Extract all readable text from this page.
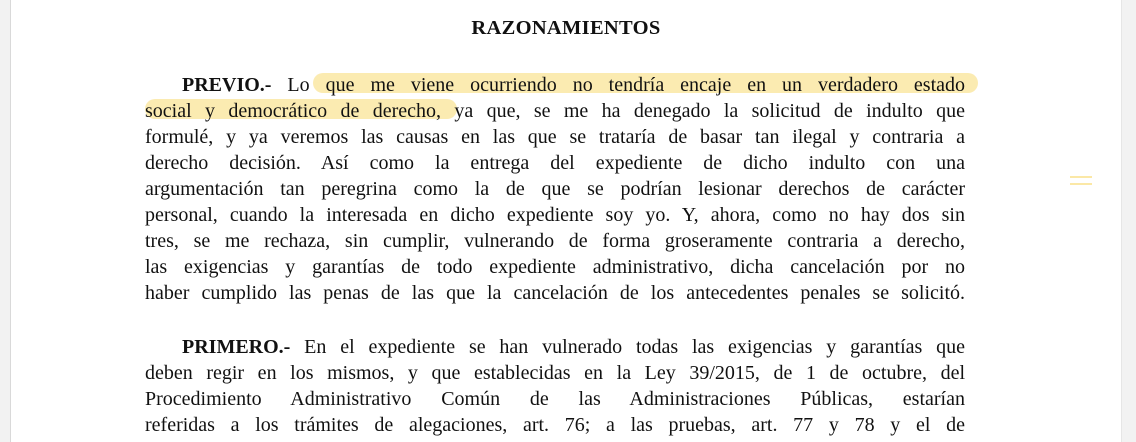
RAZONAMIENTOS
PREVIO.- Lo que me viene ocurriendo no tendría encaje en un verdadero estado
social y democrático de derecho, ya que, se me ha denegado la solicitud de indulto que
formulé, y ya veremos las causas en las que se trataría de basar tan ilegal y contraria a
derecho decisión. Así como la entrega del expediente de dicho indulto con una
argumentación tan peregrina como la de que se podrían lesionar derechos de carácter
personal, cuando la interesada en dicho expediente soy yo. Y, ahora, como no hay dos sin
tres, se me rechaza, sin cumplir, vulnerando de forma groseramente contraria a derecho,
las exigencias y garantías de todo expediente administrativo, dicha cancelación por no
haber cumplido las penas de las que la cancelación de los antecedentes penales se solicitó.
PRIMERO.- En el expediente se han vulnerado todas las exigencias y garantías que
deben regir en los mismos, y que establecidas en la Ley 39/2015, de 1 de octubre, del
Procedimiento Administrativo Común de las Administraciones Públicas, estarían
referidas a los trámites de alegaciones, art. 76; a las pruebas, art. 77 y 78 y el de
